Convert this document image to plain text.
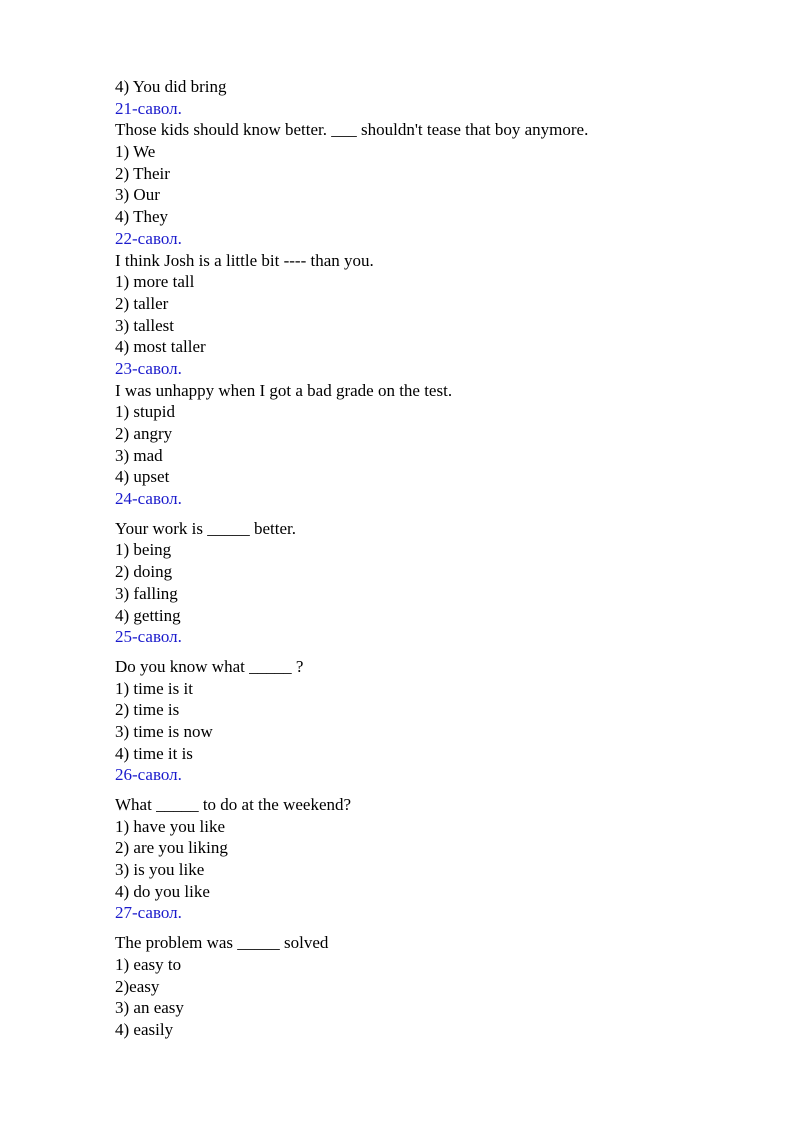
4) You did bring
21-савол.
Those kids should know better. ___ shouldn't tease that boy anymore.
1) We
2) Their
3) Our
4) They
22-савол.
I think Josh is a little bit ---- than you.
1) more tall
2) taller
3) tallest
4) most taller
23-савол.
I was unhappy when I got a bad grade on the test.
1) stupid
2) angry
3) mad
4) upset
24-савол.
Your work is _____ better.
1) being
2) doing
3) falling
4) getting
25-савол.
Do you know what _____ ?
1) time is it
2) time is
3) time is now
4) time it is
26-савол.
What _____ to do at the weekend?
1) have you like
2) are you liking
3) is you like
4) do you like
27-савол.
The problem was _____ solved
1) easy to
2)easy
3) an easy
4) easily
